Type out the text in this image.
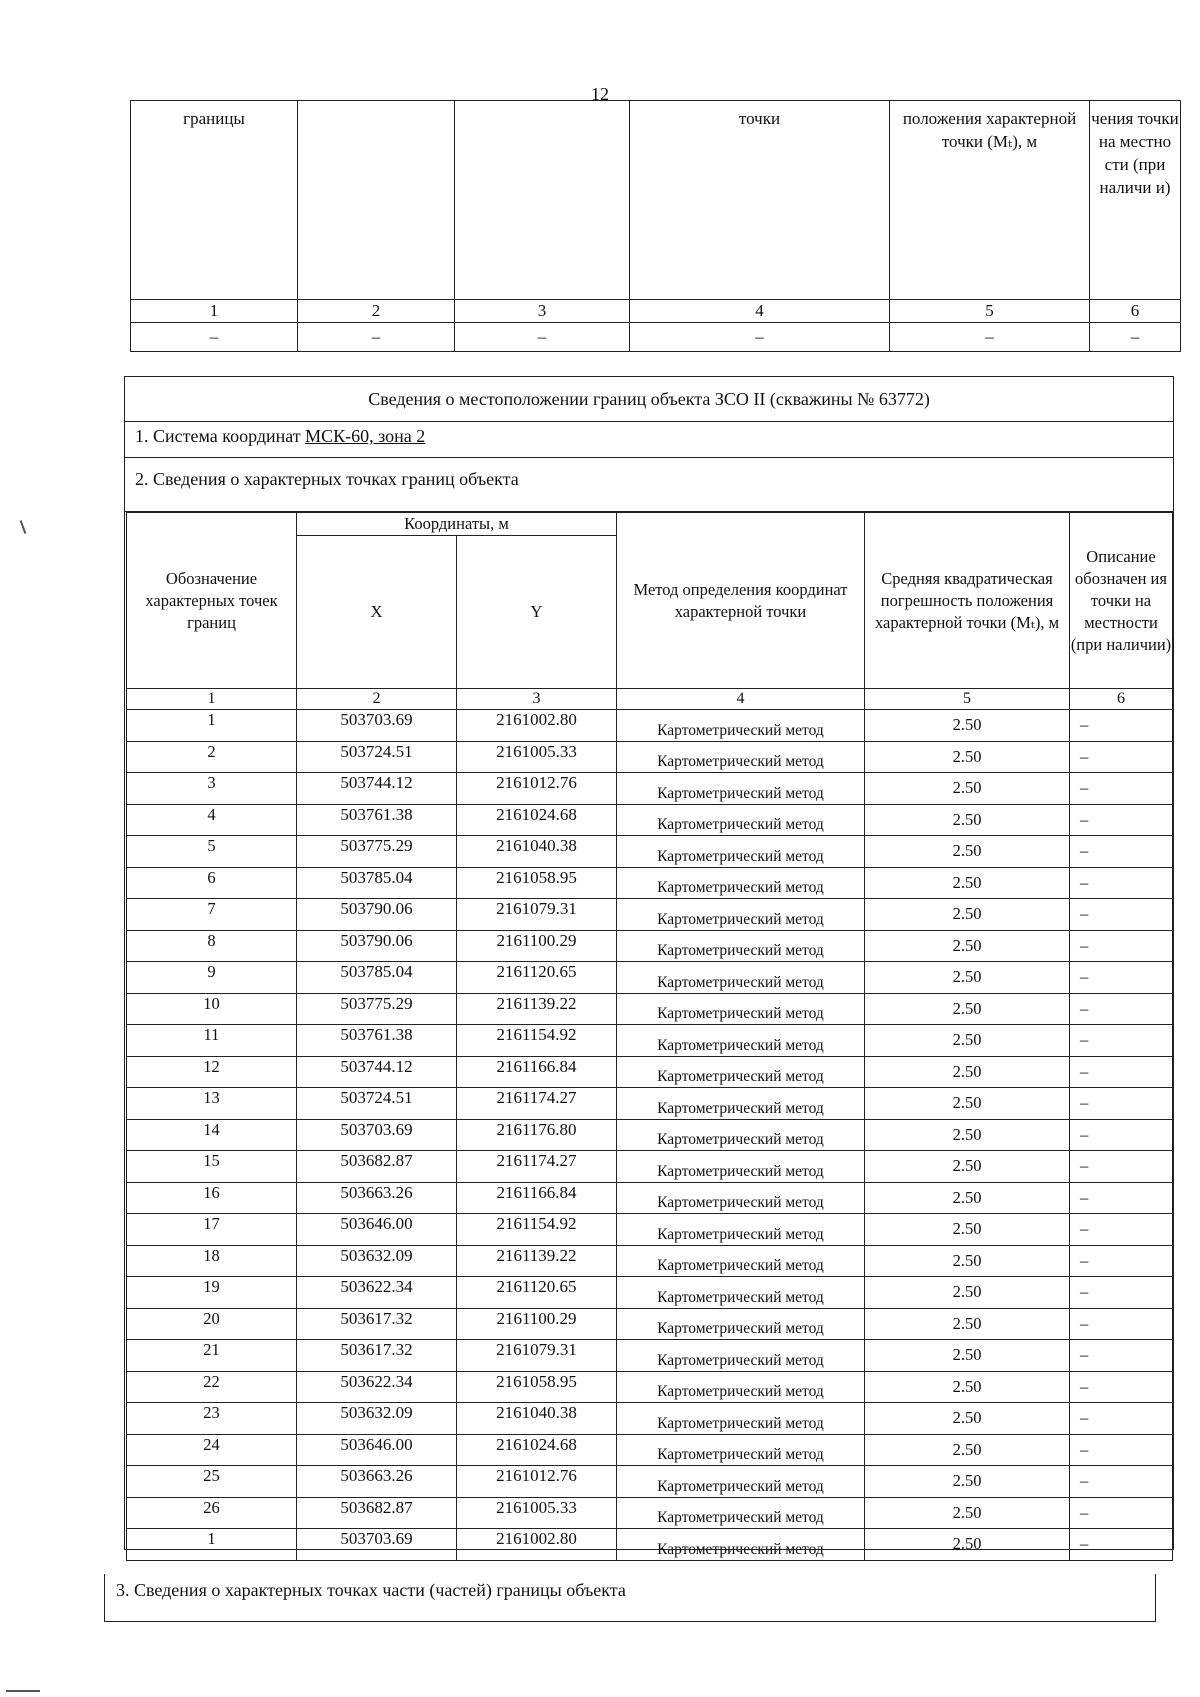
12
границы			точки	положения характерной точки (Mₜ), м	чения точки на местно сти (при наличи и)
1	2	3	4	5	6
–	–	–	–	–	–
Сведения о местоположении границ объекта ЗСО II (скважины № 63772)
1. Система координат МСК-60, зона 2
2. Сведения о характерных точках границ объекта
Обозначение характерных точек границ	Координаты, м		Метод определения координат характерной точки	Средняя квадратическая погрешность положения характерной точки (Mₜ), м	Описание обозначен ия точки на местности (при наличии)
	X	Y			
1	2	3	4	5	6
1	503703.69	2161002.80	Картометрический метод	2.50	–
2	503724.51	2161005.33	Картометрический метод	2.50	–
3	503744.12	2161012.76	Картометрический метод	2.50	–
4	503761.38	2161024.68	Картометрический метод	2.50	–
5	503775.29	2161040.38	Картометрический метод	2.50	–
6	503785.04	2161058.95	Картометрический метод	2.50	–
7	503790.06	2161079.31	Картометрический метод	2.50	–
8	503790.06	2161100.29	Картометрический метод	2.50	–
9	503785.04	2161120.65	Картометрический метод	2.50	–
10	503775.29	2161139.22	Картометрический метод	2.50	–
11	503761.38	2161154.92	Картометрический метод	2.50	–
12	503744.12	2161166.84	Картометрический метод	2.50	–
13	503724.51	2161174.27	Картометрический метод	2.50	–
14	503703.69	2161176.80	Картометрический метод	2.50	–
15	503682.87	2161174.27	Картометрический метод	2.50	–
16	503663.26	2161166.84	Картометрический метод	2.50	–
17	503646.00	2161154.92	Картометрический метод	2.50	–
18	503632.09	2161139.22	Картометрический метод	2.50	–
19	503622.34	2161120.65	Картометрический метод	2.50	–
20	503617.32	2161100.29	Картометрический метод	2.50	–
21	503617.32	2161079.31	Картометрический метод	2.50	–
22	503622.34	2161058.95	Картометрический метод	2.50	–
23	503632.09	2161040.38	Картометрический метод	2.50	–
24	503646.00	2161024.68	Картометрический метод	2.50	–
25	503663.26	2161012.76	Картометрический метод	2.50	–
26	503682.87	2161005.33	Картометрический метод	2.50	–
1	503703.69	2161002.80	Картометрический метод	2.50	–
3. Сведения о характерных точках части (частей) границы объекта
